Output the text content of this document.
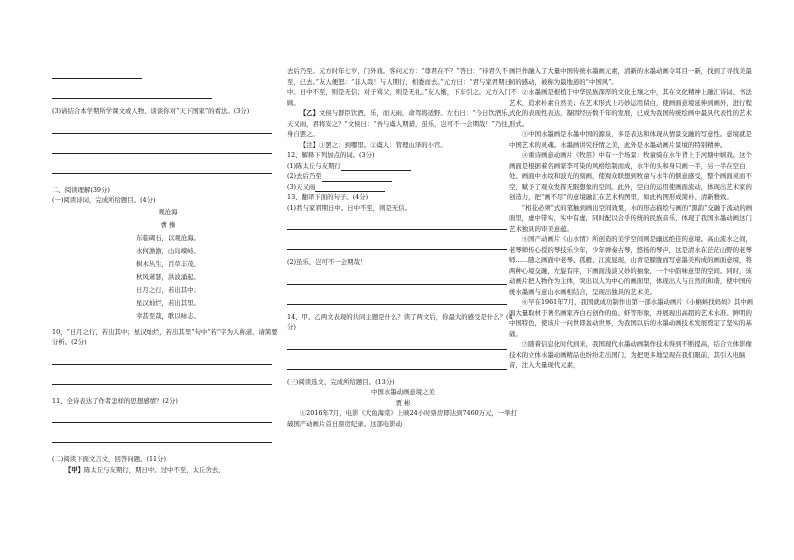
(3)请结合本学期所学课文或人物，谈谈你对“天下国家”的看法。(3分)

二、阅读理解(39分)

(一)阅读诗词，完成所给题目。(4分)

观沧海

曹 操

东临碣石，以观沧海。

水何澹澹，山岛竦峙。

树木丛生，百草丰茂。

秋风萧瑟，洪波涌起。

日月之行，若出其中；

星汉灿烂，若出其里。

幸甚至哉，歌以咏志。

10、“日月之行，若出其中；星汉灿烂，若出其里”句中“若”字为人称道，请简要分析。(2分)

11、全诗表达了作者怎样的思想感情？(2分)

(二)阅读下面文言文，回答问题。(11分)

【甲】陈太丘与友期行，期日中。过中不至，太丘舍去，

去后乃至。元方时年七岁，门外戏。客问元方：“尊君在不？”答曰：“待君久不至，已去。”友人便怒：“非人哉！与人期行，相委而去。”元方曰：“君与家君期日中。日中不至，则是无信；对子骂父，则是无礼。”友人惭，下车引之。元方入门不顾。

【乙】文侯与群臣饮酒，乐，而天雨，命驾将适野。左右曰：“今日饮酒乐，天又雨，君将安之？”文侯曰：“吾与虞人期猎，虽乐，岂可不一会期哉！”乃往，身自罢之。

【注】①罢之：到哪里。②虞人：管理山泽的小官。

12、解释下列加点的词。(3分)

(1)陈太丘与友期行

(2)去后乃至

(3)天又雨

13、翻译下面的句子。(4分)

(1)君与家君期日中。日中不至，则是无信。

(2)虽乐，岂可不一会期哉！

14、甲、乙两文表现的共同主题是什么？读了两文后，你最大的感受是什么？(4分)

(三)阅读选文，完成所给题目。(13分)

中国水墨动画意境之美

贾 彬

①2016年7月，电影《大鱼海棠》上映24小时票房即达到7460万元，一举打破国产动画片首日票房纪录。这部电影动

画巨作融入了大量中国传统水墨画元素，清新的水墨动画令耳目一新，找到了寻找美最初的感动，被称为最地道的“中国风”。

②水墨画是根植于中华民族深厚的文化土壤之中，其在文化精神上融汇诗词、书法艺术，追求朴素自然美；在艺术形式上巧妙运用留白，使画面意境延伸到画外，进行程式化的表现性表达，凝固经历数千年的发展，已成为我国传统绘画中最具代表性的艺术形式。

③中国水墨画是水墨中国的源泉，多是表达和体现从情景交融的写意性。意境就是中国艺术的灵魂。水墨画讲究抒情之美，此外是水墨动画片景境的特别精神。

④重诗画意动画片《牧笛》中有一个场景：牧童骑在水牛背上于河塘中嬉戏。这个画面是根据着名画家李可染的风格绘制而成，水牛的头和身只画一半，另一半在空白处。画面中水纹和波光的刻画，使观众联想到牧童与水牛的惬意感受，整个画面灵而不空，赋予了观众发挥无限想象的空间。此外，空白的运用使画面流动，体现出艺术家的创造力，把“画不尽”的意境融汇在艺术构图里，如此构图形成简朴、清新雅致。

“相花必须”式的笔触到画出空间效果，水的形态描绘与画的“黑韵”交融于流动的画面里，虚中带实，实中有虚，同时配以合乎传统的民族音乐，体现了我国水墨动画这门艺术独具的审美意蕴。

⑤国产动画片《山水情》所创造的美学空间则是幽远绝佳的意境。高山流水之间，老琴师传心授的琴技乐少年，少年弹奏古琴，悠扬的琴声，这是清水在茫茫山野的老琴师……随之画面中老琴、孤雁、江流显现，山青是朦胧而写意墨美构成的画面意境，将两种心境交融，左旋有序，下画面浅淡又妙的抽象，一个中韵味意里的空间。同时，该动画片把人物作为主体，突出以人为中心的画面里，体现出人与自然的和谐，使中国传统水墨画与意山水画相结合，呈现出独具的艺术美。

⑥早在1961年7月，我国就成功制作出第一部水墨动画片《小蝌蚪找妈妈》其中画面大量取材于著名画家齐白石创作的鱼、虾等形象，并展现出高超的艺术水准。鲜明的中国特色，使该片一问世即轰动世界，为我国以后的水墨动画技术发展奠定了坚实的基础。

⑦随着信息化时代到来，我国现代水墨动画制作技术得到不断提高，结合立体影像技术的立体水墨动画精品也纷纷走出国门，为把更多地呈现在我们眼前，其引入电脑音，注入大量现代元素，
